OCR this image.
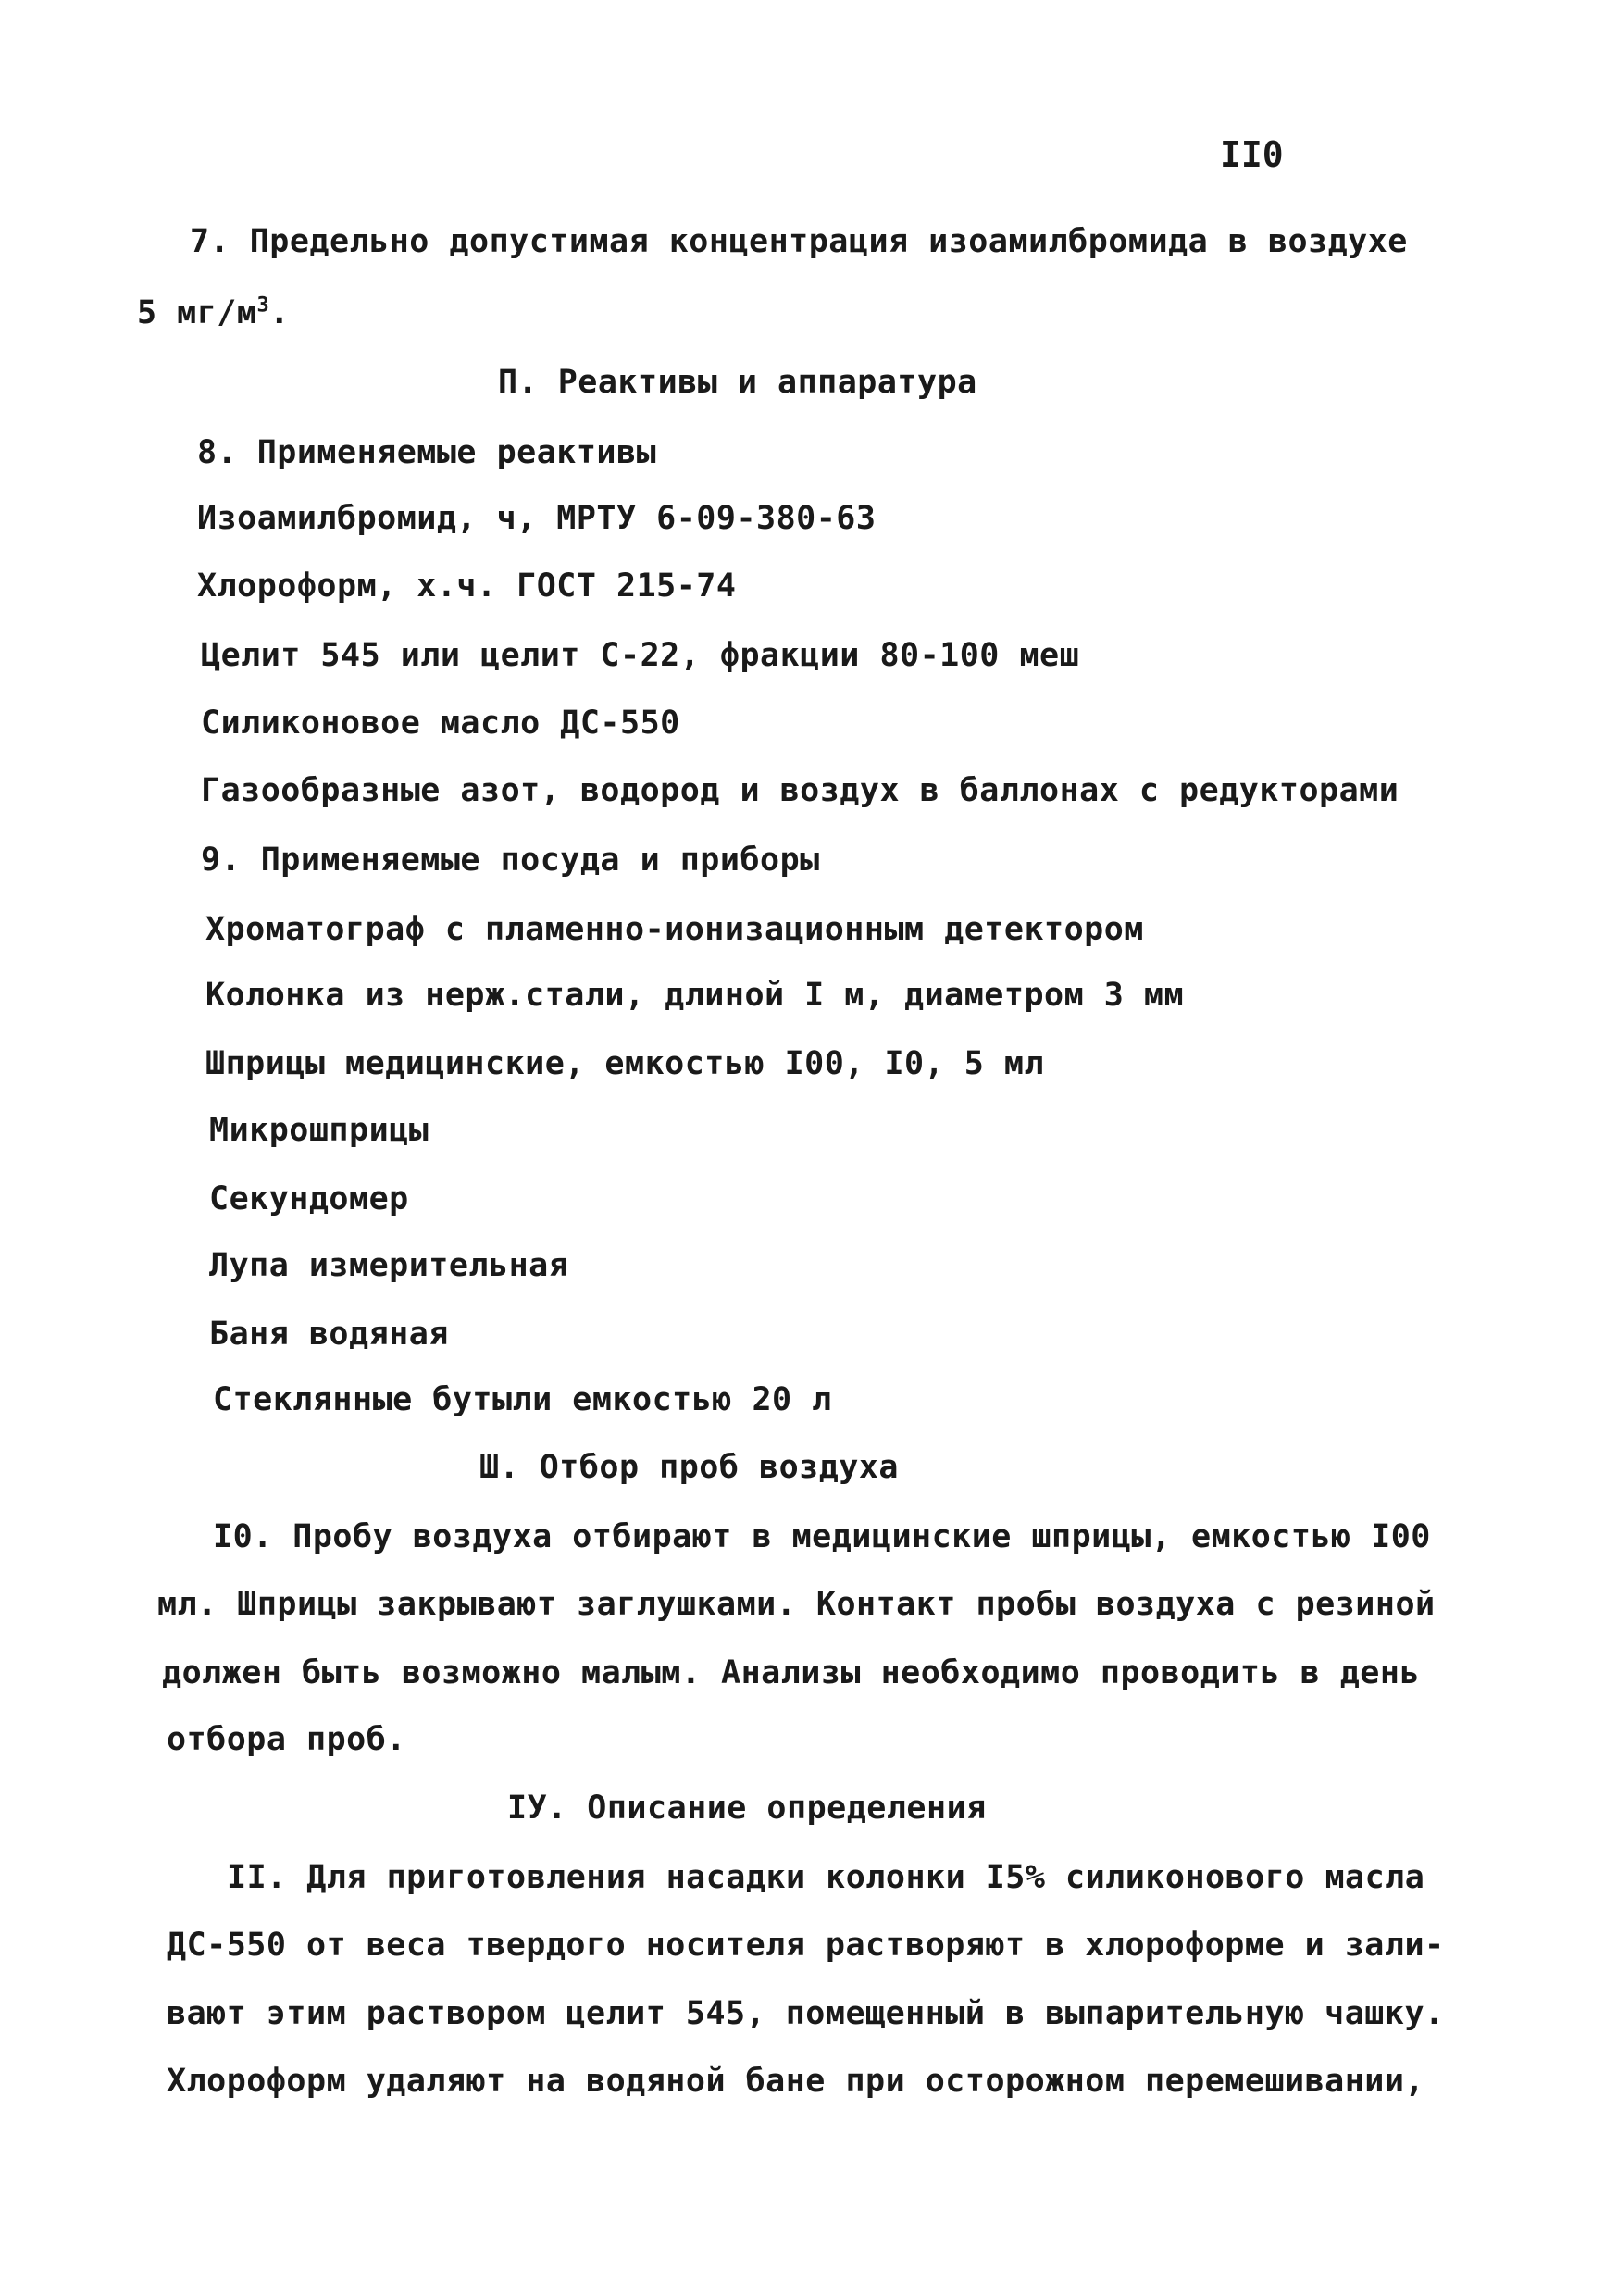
II0
7. Предельно допустимая концентрация изоамилбромида в воздухе
5 $мг/м^3$.
П. Реактивы и аппаратура
8. Применяемые реактивы
Изоамилбромид, ч, МРТУ 6-09-380-63
Хлороформ, х.ч. ГОСТ 215-74
Целит 545 или целит С-22, фракции 80-100 меш
Силиконовое масло ДС-550
Газообразные азот, водород и воздух в баллонах с редукторами
9. Применяемые посуда и приборы
Хроматограф с пламенно-ионизационным детектором
Колонка из нерж.стали, длиной I м, диаметром 3 мм
Шприцы медицинские, емкостью I00, I0, 5 мл
Микрошприцы
Секундомер
Лупа измерительная
Баня водяная
Стеклянные бутыли емкостью 20 л
Ш. Отбор проб воздуха
I0. Пробу воздуха отбирают в медицинские шприцы, емкостью I00
мл. Шприцы закрывают заглушками. Контакт пробы воздуха с резиной
должен быть возможно малым. Анализы необходимо проводить в день
отбора проб.
IУ. Описание определения
II. Для приготовления насадки колонки I5% силиконового масла
ДС-550 от веса твердого носителя растворяют в хлороформе и зали-
вают этим раствором целит 545, помещенный в выпарительную чашку.
Хлороформ удаляют на водяной бане при осторожном перемешивании,
